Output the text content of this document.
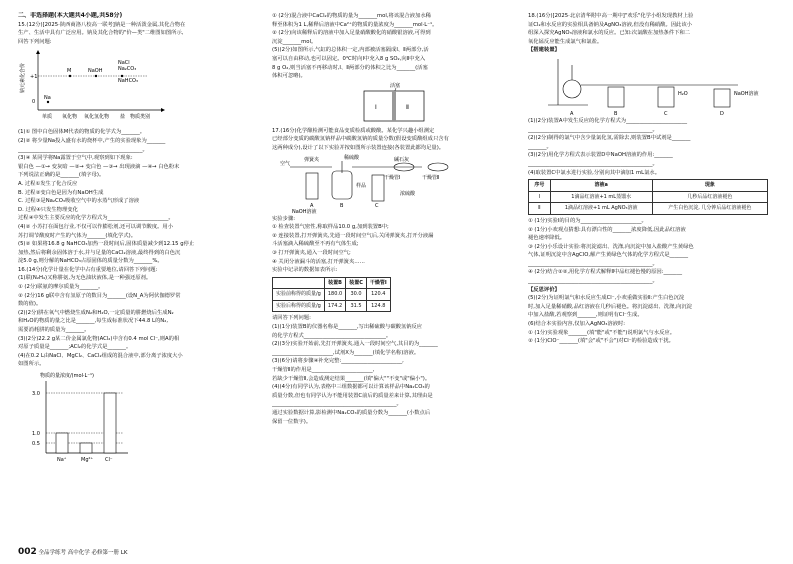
二、非选择题(本大题共4小题,共58分)
15.(12分)[2025·陕西商洛八校高一联考]钠是一种活泼金属,其化合物在
生产、生活中具有广泛应用。钠及其化合物的"价—类"二维图如图所示,
回答下列问题:
钠元素化合价 +1
0
Na
M	NaOH
NaCl
Na₂CO₃
NaHCO₃
单质 氧化物 氧化氢化物 盐 物质类别
(1)① 图中白色固体M代表的物质的化学式为_______。
(2)② 将少量Na投入盛有水的烧杯中,产生的实验现象为_______
_______________________________________________。
(3)④ 某同学将Na露置于空气中,观察到如下现象:
银白色 —①→ 变灰暗 —②→ 变白色 —③→ 出现液滴 —④→ 白色粉末
下列说法正确的是_______(填字母)。
A. 过程①发生了化合反应
B. 过程②变白色是因为有NaOH生成
C. 过程③是Na₂CO₃吸收空气中的水蒸气形成了溶液
D. 过程④只发生物理变化
过程④中发生主要反应的化学方程式为_______________________。
(4)② 小苏打在面包行业,不仅可以作膨松剂,还可以调节酸度。用小
苏打调节酸度时产生的气体为_______(填化学式)。
(5)② 如果将16.8 g NaHCO₃加热一段时间后,固体质量减少到12.15 g停止
加热,然后将剩余固体溶于水,并与足量的CaCl₂溶液,最终得到的白色沉
淀5.0 g,则分解的NaHCO₃占原固体的质量分数为_______%。
16.(14分)化学计量在化学中占有重要地位,请回答下列问题:
(1)联(N₂H₄)又称肼氨,为无色油状液体,是一种强还原剂。
① (2分)联氨的摩尔质量为_______。
② (2分)16 g联中含有氢原子的数目为_______(设N_A为阿伏伽德罗常
数的值)。
(2)(2分)肼在氧气中燃烧生成N₂和H₂O,一定质量的肼燃烧后生成N₂
和H₂O的物质的量之比是_______,每生成标准状况下44.8 L的N₂,
需要消耗肼的质量为_______。
(3)(2分)22.2 g某二价金属氯化物(ACl₂)中含有0.4 mol Cl⁻,则A的相
对原子质量是_______;ACl₂的化学式是_______。
(4)在0.2 L由NaCl、MgCl₂、CaCl₂组成的混合液中,部分离子浓度大小
如图所示。
物质的量浓度/(mol·L⁻¹)
3.0
1.0
0.5
Na⁺	Mg²⁺ Cl⁻
① (2分)混合液中CaCl₂的物质的量为_______mol,将该混合液加水稀
释至体积为1 L,稀释后溶液中Ca²⁺的物质的量浓度为_______mol·L⁻¹。
② (2分)向该稀释后的溶液中加入足量硝酸酸化的硝酸银溶液,可得到
沉淀_______mol。
(5)(2分)如图所示,气缸的总体积一定,内部被活塞隔成Ⅰ、Ⅱ两部分,活
塞可以自由移动,也可以固定。0℃时向Ⅰ中充入8 g SO₂,向Ⅱ中充入
8 g O₂,则当活塞不再移动时,Ⅰ、Ⅱ两部分的体积之比为_______(活塞
体积可忽略)。
活塞
Ⅰ	Ⅱ
17.(16分)化学酿检测可能食品变质检质或酸酸。某化学兴趣小组测定
已经部分变质的碳酸氢钠样品中碳酸氢钠的质量分数(假设变质酸组成只含有
这两种成分),设计了以下实验并按如图所示装置连接(各装置此都均足量)。
空气
弹簧夹	稀硫酸	碱石灰
干燥管Ⅰ	干燥管Ⅱ
浓硫酸
A
样品
B	C
NaOH溶液
实验步骤:
① 检查装置气密性,称取样品10.0 g,加到装置B中;
② 连接装置,打开弹簧夹,先通一段时间空气后,关闭弹簧夹,打开分液漏
斗活塞滴入稀硫酸至不再有气体生成;
③ 打开弹簧夹,通入一段时间空气;
④ 关闭分液漏斗的活塞,打开弹簧夹……
实验中记录的数据如表所示:
	装置B	装置C	干燥管Ⅰ
实验前称得的质量/g	180.0	30.0	120.4
实验后称得的质量/g	174.2	31.5	124.8
请回答下列问题:
(1)(1分)装置B的仪器名称是_______,写出稀硫酸与碳酸氢钠反应
的化学方程式_______________________________。
(2)(3分)实验开始前,先打开弹簧夹,通入一段时间空气,其目的为_______
_______________________,试剂X为_______(填化学名称)溶液。
(3)(6分)请将步骤④补充完整:_______________________,
干燥管Ⅱ的作用是_______________________,
若缺少干燥管Ⅱ,会造成测定结果_______(填"偏大""不变"或"偏小")。
(4)(4分)有同学认为,表格中三组数据都可以计算该样品中Na₂CO₃的
质量分数,但也有同学认为不能用装置C前后的质量差来计算,其理由是
_______________________________________________。
通过实验数据计算,影检测中Na₂CO₃的质量分数为_______(小数点后
保留一位数字)。
18.(16分)[2025·北京清华附中高一期中]"欢乐"化学小组发现教材上验
证Cl₂和水反应的实验相具备钠及AgNO₃溶液,但没有稀硝酸。因此该小
组深入探究AgNO₃溶液和氯水的反应。已知:次氯酸在加热条件下和二
氧化锰反应能生成氯气和氯盐。
【搭建装置】
A	B	C	D
H₂O	NaOH溶液
(1)(2分)装置A中发生反应的化学方程式为_______________________
_______________________________________________。
(2)(2分)制得的氯气中含少量氯化氢,需除去,则装置B中试剂是_______
_______。
(3)(2分)用化学方程式表示装置D中NaOH溶液的作用:_______
_______________________________________________。
(4)取装置C中氯水进行实验,分别向其中滴加1 mL氯水。
序号	溶液a	现象
Ⅰ	1滴品红溶液+1 mL蒸馏水	几秒后品红溶液褪色
Ⅱ	1滴品红溶液+1 mL AgNO₃溶液	产生白色沉淀, 几分钟后品红溶液褪色
① (1分)实验Ⅰ的目的为_______________________。
② (1分)小欢观点猜想:具有漂白性的_______浓度降低,因此品红溶液
褪色速率降低。
③ (2分)小乐设计实验:将沉淀滤出、洗涤,向沉淀中加入盐酸产生黄绿色
气体,证明沉淀中含AgClO,解产生黄绿色气体的化学方程式是_______
_______________________________________________。
④ (2分)结合②②,用化学方程式解释Ⅱ中品红褪色慢的原因:_______
_______________________________________________。
【反思评价】
(5)(2分)为证明氯气和水反应生成Cl⁻,小欢重做实验Ⅱ:产生白色沉淀
时,加入足量稀硝酸,品红溶液在几秒后褪色。将沉淀滤出、洗涤,向沉淀
中加入盐酸,若观察到_______,则证明有Cl⁻生成。
(6)结合本实验内容,仅加入AgNO₃溶液时:
① (1分)实验观象_______(填"能"或"不能")说明氯气与水反应。
② (1分)ClO⁻_______(填"会"或"不会")对Cl⁻的检验造成干扰。
002 全品学练考 高中化学 必修第一册 LK
